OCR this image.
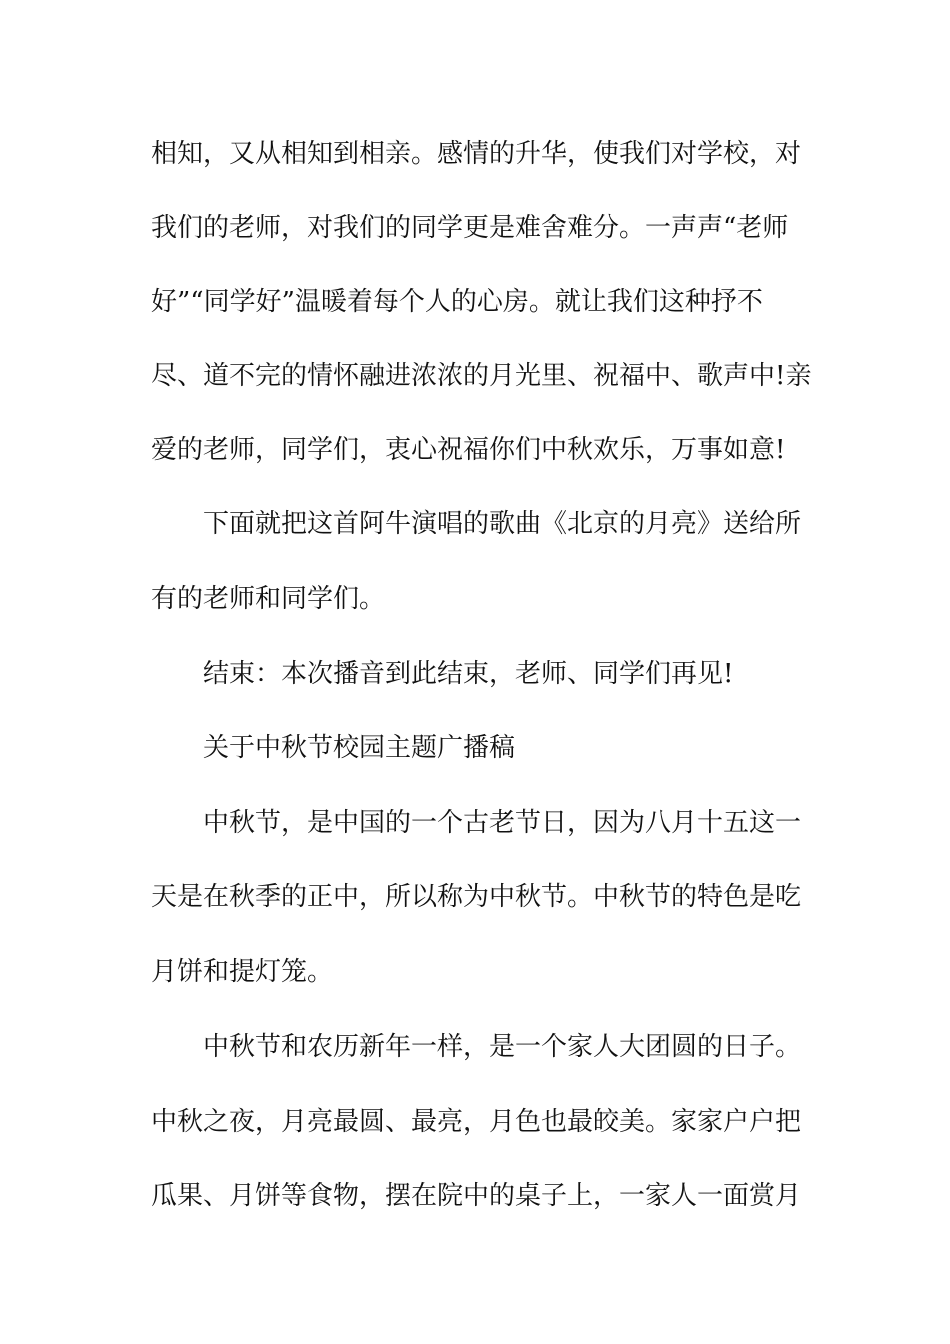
相知，又从相知到相亲。感情的升华，使我们对学校，对
我们的老师，对我们的同学更是难舍难分。一声声“老师
好”“同学好”温暖着每个人的心房。就让我们这种抒不
尽、道不完的情怀融进浓浓的月光里、祝福中、歌声中!亲
爱的老师，同学们，衷心祝福你们中秋欢乐，万事如意!
下面就把这首阿牛演唱的歌曲《北京的月亮》送给所
有的老师和同学们。
结束：本次播音到此结束，老师、同学们再见!
关于中秋节校园主题广播稿
中秋节，是中国的一个古老节日，因为八月十五这一
天是在秋季的正中，所以称为中秋节。中秋节的特色是吃
月饼和提灯笼。
中秋节和农历新年一样，是一个家人大团圆的日子。
中秋之夜，月亮最圆、最亮，月色也最皎美。家家户户把
瓜果、月饼等食物，摆在院中的桌子上，一家人一面赏月
